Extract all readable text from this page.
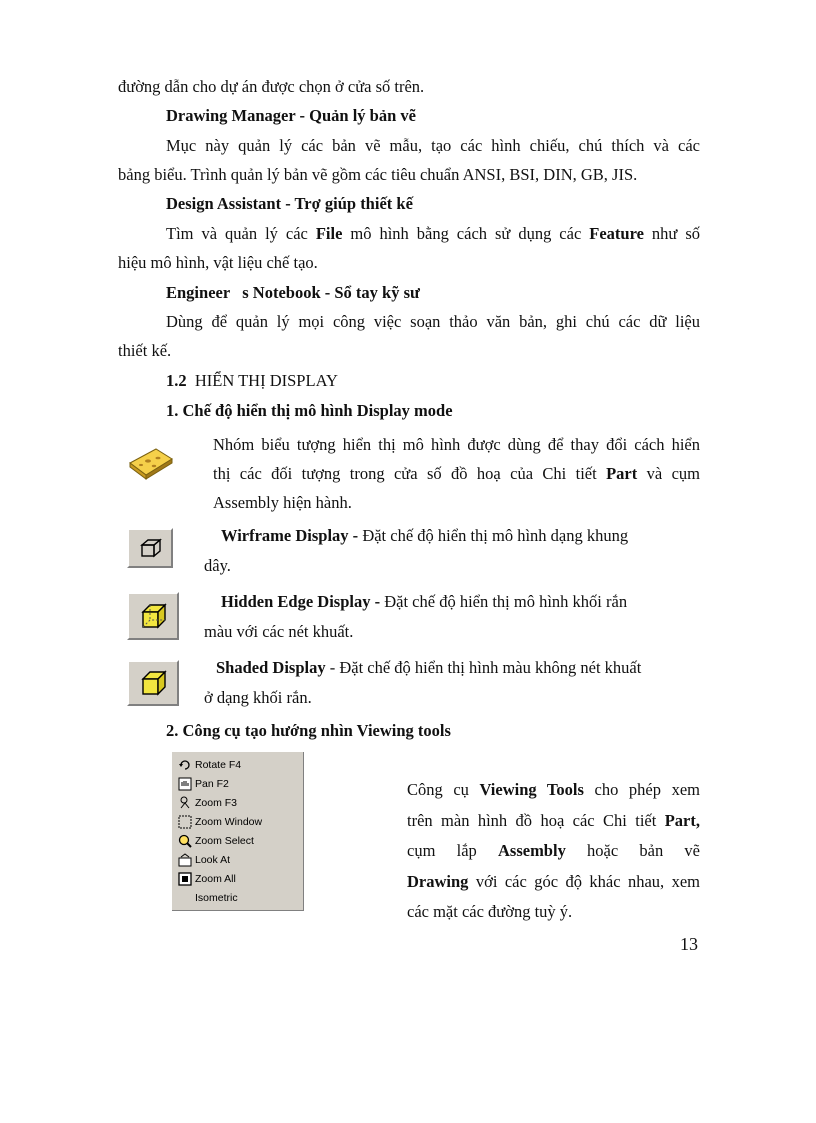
đường dẫn cho dự án được chọn ở cửa số trên.
Drawing Manager - Quản lý bản vẽ
Mục này quản lý các bản vẽ mẫu, tạo các hình chiếu, chú thích và các
bảng biểu. Trình quản lý bản vẽ gồm các tiêu chuẩn ANSI, BSI, DIN, GB, JIS.
Design Assistant - Trợ giúp thiết kế
Tìm và quản lý các File mô hình bằng cách sử dụng các Feature như số
hiệu mô hình, vật liệu chế tạo.
Engineer   s Notebook - Sổ tay kỹ sư
Dùng để quản lý mọi công việc soạn thảo văn bản, ghi chú các dữ liệu
thiết kế.
1.2 HIỂN THỊ DISPLAY
1. Chế độ hiển thị mô hình Display mode
Nhóm biểu tượng hiển thị mô hình được dùng để thay đổi cách hiển
thị các đối tượng trong cửa số đồ hoạ của Chi tiết Part và cụm
Assembly hiện hành.
Wirframe Display - Đặt chế độ hiển thị mô hình dạng khung
dây.
Hidden Edge Display - Đặt chế độ hiển thị mô hình khối rắn
màu với các nét khuất.
Shaded Display - Đặt chế độ hiển thị hình màu không nét khuất
ở dạng khối rắn.
2. Công cụ tạo hướng nhìn Viewing tools
Rotate F4
Pan F2
Zoom F3
Zoom Window
Zoom Select
Look At
Zoom All
Isometric
Công cụ Viewing Tools cho phép xem
trên màn hình đồ hoạ các Chi tiết Part,
cụm lắp Assembly hoặc bản vẽ
Drawing với các góc độ khác nhau, xem
các mặt các đường tuỳ ý.
13
